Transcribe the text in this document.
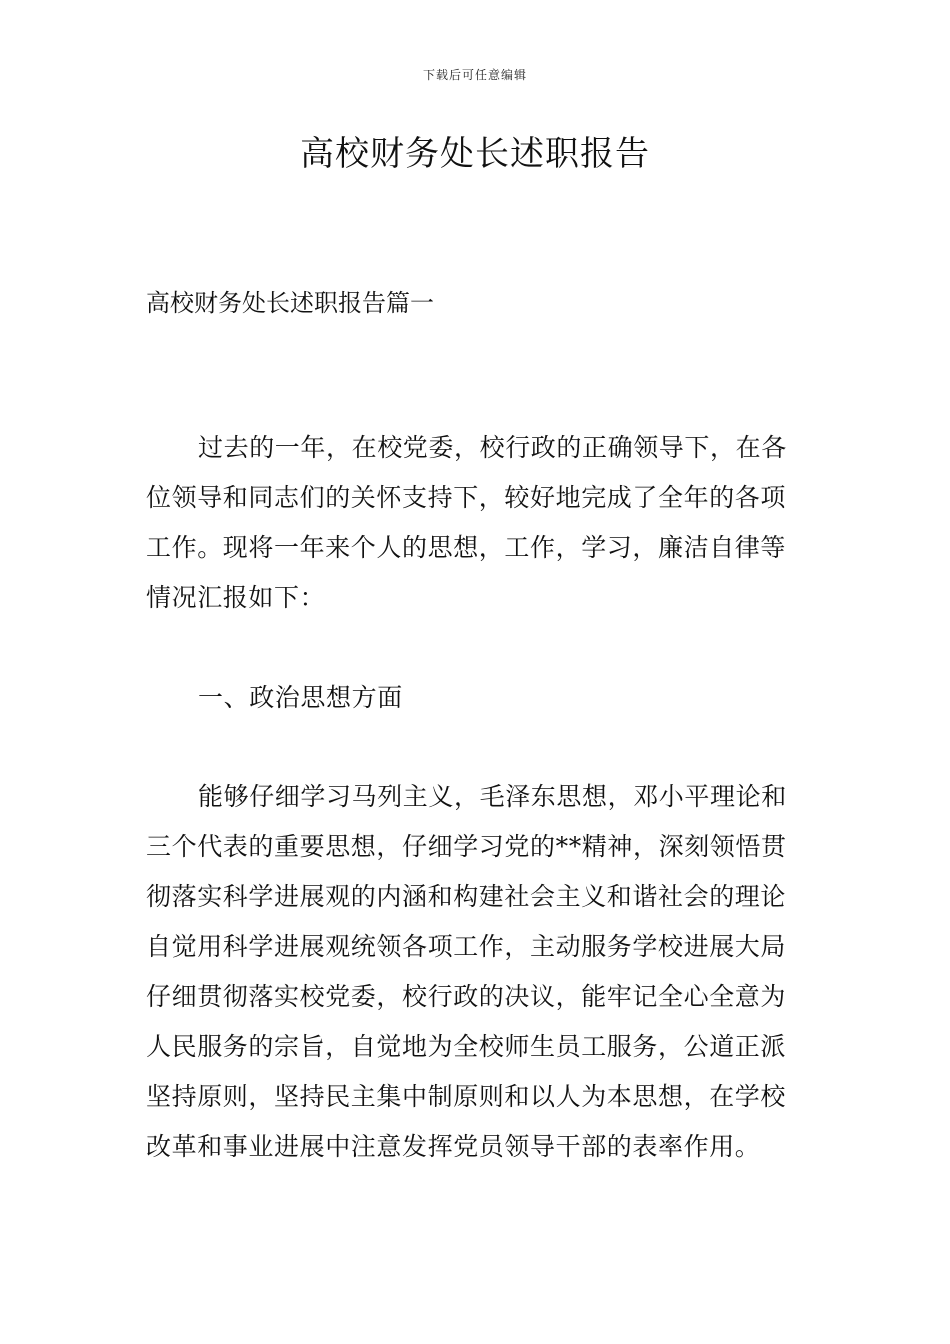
下载后可任意编辑
高校财务处长述职报告
高校财务处长述职报告篇一

过去的一年，在校党委，校行政的正确领导下，在各位领导和同志们的关怀支持下，较好地完成了全年的各项工作。现将一年来个人的思想，工作，学习，廉洁自律等情况汇报如下：

一、政治思想方面

能够仔细学习马列主义，毛泽东思想，邓小平理论和三个代表的重要思想，仔细学习党的**精神，深刻领悟贯彻落实科学进展观的内涵和构建社会主义和谐社会的理论自觉用科学进展观统领各项工作，主动服务学校进展大局仔细贯彻落实校党委，校行政的决议，能牢记全心全意为人民服务的宗旨，自觉地为全校师生员工服务，公道正派坚持原则，坚持民主集中制原则和以人为本思想，在学校改革和事业进展中注意发挥党员领导干部的表率作用。
